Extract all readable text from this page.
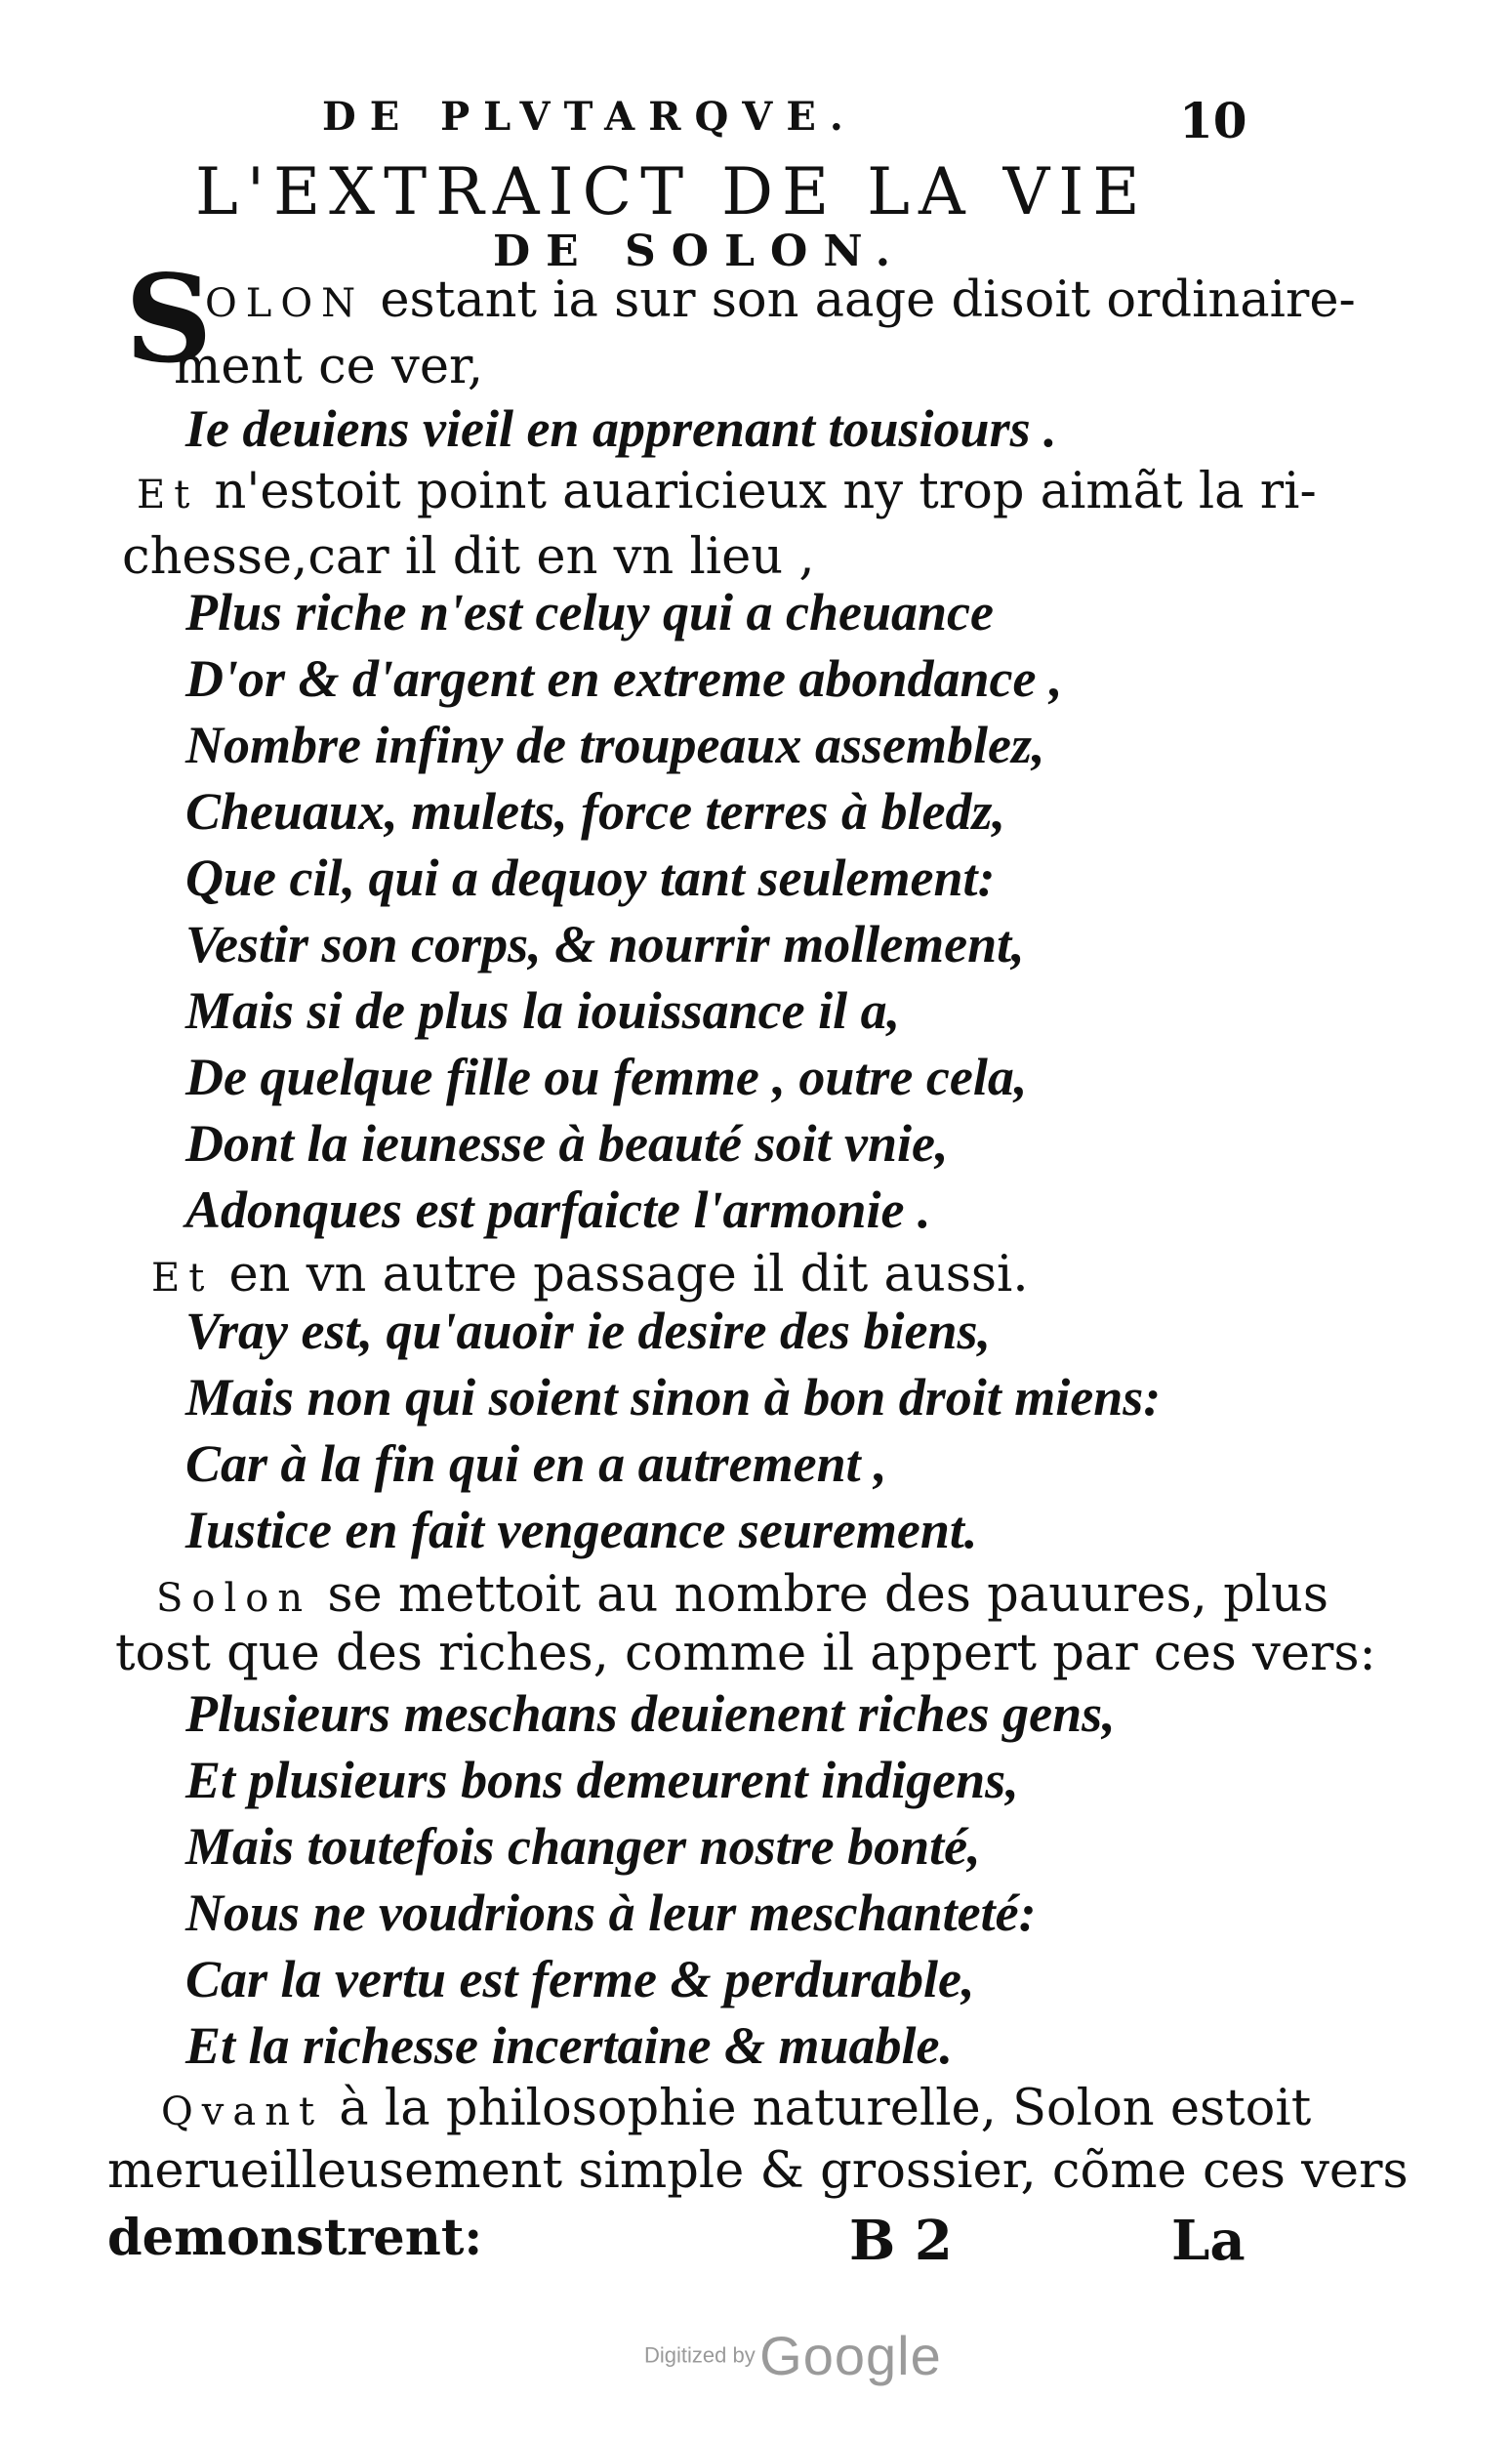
DE PLVTARQVE.	10
L'EXTRAICT DE LA VIE
DE SOLON.
S
OLON estant ia sur son aage disoit ordinaire-
ment ce ver,
Ie deuiens vieil en apprenant tousiours .
Et n'estoit point auaricieux ny trop aimãt la ri-
chesse,car il dit en vn lieu ,
Plus riche n'est celuy qui a cheuance
D'or & d'argent en extreme abondance ,
Nombre infiny de troupeaux assemblez,
Cheuaux, mulets, force terres à bledz,
Que cil, qui a dequoy tant seulement:
Vestir son corps, & nourrir mollement,
Mais si de plus la iouissance il a,
De quelque fille ou femme , outre cela,
Dont la ieunesse à beauté soit vnie,
Adonques est parfaicte l'armonie .
Et en vn autre passage il dit aussi.
Vray est, qu'auoir ie desire des biens,
Mais non qui soient sinon à bon droit miens:
Car à la fin qui en a autrement ,
Iustice en fait vengeance seurement.
Solon se mettoit au nombre des pauures, plus
tost que des riches, comme il appert par ces vers:
Plusieurs meschans deuienent riches gens,
Et plusieurs bons demeurent indigens,
Mais toutefois changer nostre bonté,
Nous ne voudrions à leur meschanteté:
Car la vertu est ferme & perdurable,
Et la richesse incertaine & muable.
Qvant à la philosophie naturelle, Solon estoit
merueilleusement simple & grossier, cõme ces vers
demonstrent:	B 2	La
Digitized by Google
